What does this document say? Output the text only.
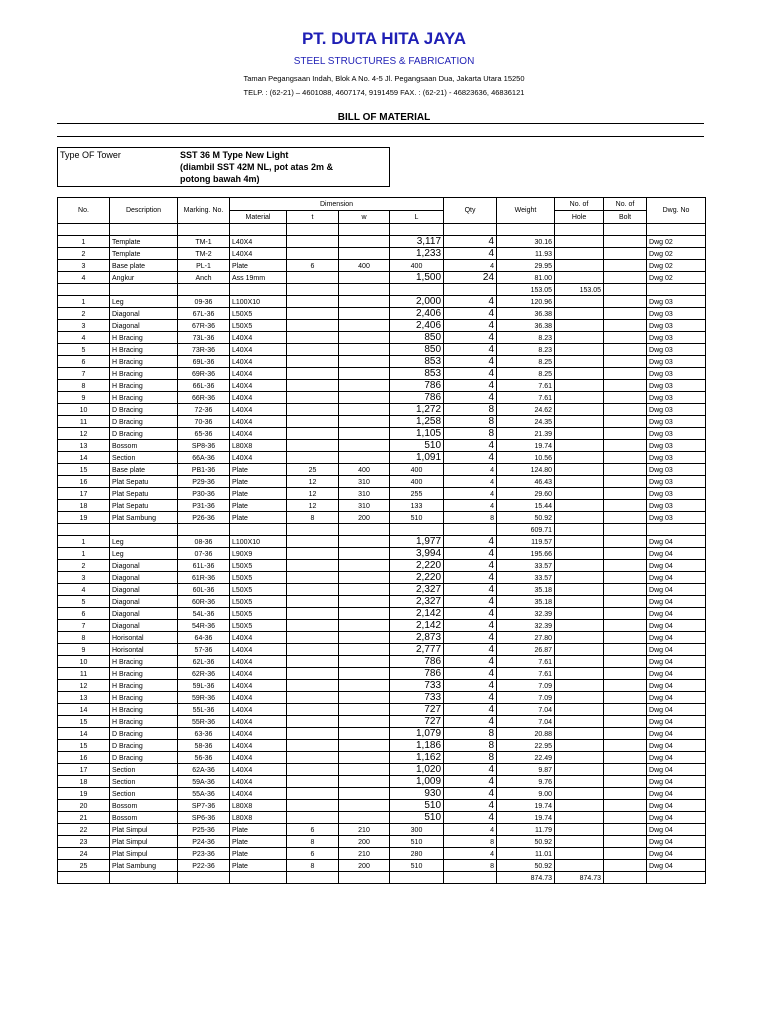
PT. DUTA HITA JAYA
STEEL STRUCTURES & FABRICATION
Taman Pegangsaan Indah, Blok A No. 4-5 Jl. Pegangsaan Dua, Jakarta Utara 15250
TELP. : (62-21) – 4601088, 4607174, 9191459 FAX. : (62-21) - 46823636, 46836121
BILL OF MATERIAL
Type OF Tower	SST 36 M Type New Light
(diambil SST 42M NL, pot atas 2m &
potong bawah 4m)
No.	Description	Marking. No.	Dimension				Qty	Weight	No. of	No. of	Dwg. No
			Material	t	w	L			Hole	Bolt	

1	Template	TM-1	L40X4			3,117	4	30.16			Dwg 02
2	Template	TM-2	L40X4			1,233	4	11.93			Dwg 02
3	Base plate	PL-1	Plate	6	400	400	4	29.95			Dwg 02
4	Angkur	Anch	Ass 19mm			1,500	24	81.00			Dwg 02
								153.05	153.05		
1	Leg	09-36	L100X10			2,000	4	120.96			Dwg 03
2	Diagonal	67L-36	L50X5			2,406	4	36.38			Dwg 03
3	Diagonal	67R-36	L50X5			2,406	4	36.38			Dwg 03
4	H Bracing	73L-36	L40X4			850	4	8.23			Dwg 03
5	H Bracing	73R-36	L40X4			850	4	8.23			Dwg 03
6	H Bracing	69L-36	L40X4			853	4	8.25			Dwg 03
7	H Bracing	69R-36	L40X4			853	4	8.25			Dwg 03
8	H Bracing	66L-36	L40X4			786	4	7.61			Dwg 03
9	H Bracing	66R-36	L40X4			786	4	7.61			Dwg 03
10	D Bracing	72-36	L40X4			1,272	8	24.62			Dwg 03
11	D Bracing	70-36	L40X4			1,258	8	24.35			Dwg 03
12	D Bracing	65-36	L40X4			1,105	8	21.39			Dwg 03
13	Bossom	SP8-36	L80X8			510	4	19.74			Dwg 03
14	Section	66A-36	L40X4			1,091	4	10.56			Dwg 03
15	Base plate	PB1-36	Plate	25	400	400	4	124.80			Dwg 03
16	Plat Sepatu	P29-36	Plate	12	310	400	4	46.43			Dwg 03
17	Plat Sepatu	P30-36	Plate	12	310	255	4	29.60			Dwg 03
18	Plat Sepatu	P31-36	Plate	12	310	133	4	15.44			Dwg 03
19	Plat Sambung	P26-36	Plate	8	200	510	8	50.92			Dwg 03
								609.71			
1	Leg	08-36	L100X10			1,977	4	119.57			Dwg 04
1	Leg	07-36	L90X9			3,994	4	195.66			Dwg 04
2	Diagonal	61L-36	L50X5			2,220	4	33.57			Dwg 04
3	Diagonal	61R-36	L50X5			2,220	4	33.57			Dwg 04
4	Diagonal	60L-36	L50X5			2,327	4	35.18			Dwg 04
5	Diagonal	60R-36	L50X5			2,327	4	35.18			Dwg 04
6	Diagonal	54L-36	L50X5			2,142	4	32.39			Dwg 04
7	Diagonal	54R-36	L50X5			2,142	4	32.39			Dwg 04
8	Horisontal	64-36	L40X4			2,873	4	27.80			Dwg 04
9	Horisontal	57-36	L40X4			2,777	4	26.87			Dwg 04
10	H Bracing	62L-36	L40X4			786	4	7.61			Dwg 04
11	H Bracing	62R-36	L40X4			786	4	7.61			Dwg 04
12	H Bracing	59L-36	L40X4			733	4	7.09			Dwg 04
13	H Bracing	59R-36	L40X4			733	4	7.09			Dwg 04
14	H Bracing	55L-36	L40X4			727	4	7.04			Dwg 04
15	H Bracing	55R-36	L40X4			727	4	7.04			Dwg 04
14	D Bracing	63-36	L40X4			1,079	8	20.88			Dwg 04
15	D Bracing	58-36	L40X4			1,186	8	22.95			Dwg 04
16	D Bracing	56-36	L40X4			1,162	8	22.49			Dwg 04
17	Section	62A-36	L40X4			1,020	4	9.87			Dwg 04
18	Section	59A-36	L40X4			1,009	4	9.76			Dwg 04
19	Section	55A-36	L40X4			930	4	9.00			Dwg 04
20	Bossom	SP7-36	L80X8			510	4	19.74			Dwg 04
21	Bossom	SP6-36	L80X8			510	4	19.74			Dwg 04
22	Plat Simpul	P25-36	Plate	6	210	300	4	11.79			Dwg 04
23	Plat Simpul	P24-36	Plate	8	200	510	8	50.92			Dwg 04
24	Plat Simpul	P23-36	Plate	6	210	280	4	11.01			Dwg 04
25	Plat Sambung	P22-36	Plate	8	200	510	8	50.92			Dwg 04
								874.73	874.73		
